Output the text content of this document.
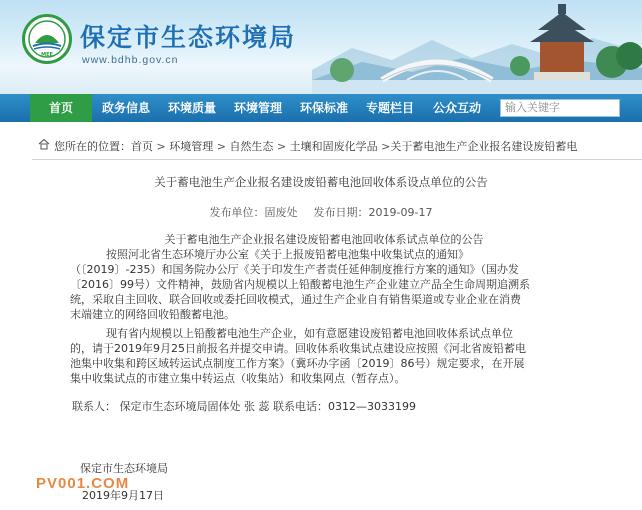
MEE
保定市生态环境局
www.bdhb.gov.cn
首页	政务信息	环境质量	环境管理	环保标准	专题栏目	公众互动	输入关键字
您所在的位置：首页 > 环境管理 > 自然生态 > 土壤和固废化学品 >关于蓄电池生产企业报名建设废铅蓄电
关于蓄电池生产企业报名建设废铅蓄电池回收体系设点单位的公告
发布单位：固废处 发布日期：2019-09-17
关于蓄电池生产企业报名建设废铅蓄电池回收体系试点单位的公告
按照河北省生态环境厅办公室《关于上报废铅蓄电池集中收集试点的通知》
（〔2019〕-235）和国务院办公厅《关于印发生产者责任延伸制度推行方案的通知》（国办发
〔2016〕99号）文件精神，鼓励省内规模以上铅酸蓄电池生产企业建立产品全生命周期追溯系
统，采取自主回收、联合回收或委托回收模式，通过生产企业自有销售渠道或专业企业在消费
末端建立的网络回收铅酸蓄电池。
现有省内规模以上铅酸蓄电池生产企业，如有意愿建设废铅蓄电池回收体系试点单位
的，请于2019年9月25日前报名并提交申请。回收体系收集试点建设应按照《河北省废铅蓄电
池集中收集和跨区域转运试点制度工作方案》（冀环办字函〔2019〕86号）规定要求，在开展
集中收集试点的市建立集中转运点（收集站）和收集网点（暂存点）。
联系人： 保定市生态环境局固体处 张 蕊 联系电话：0312—3033199
保定市生态环境局
PV001.COM
2019年9月17日
